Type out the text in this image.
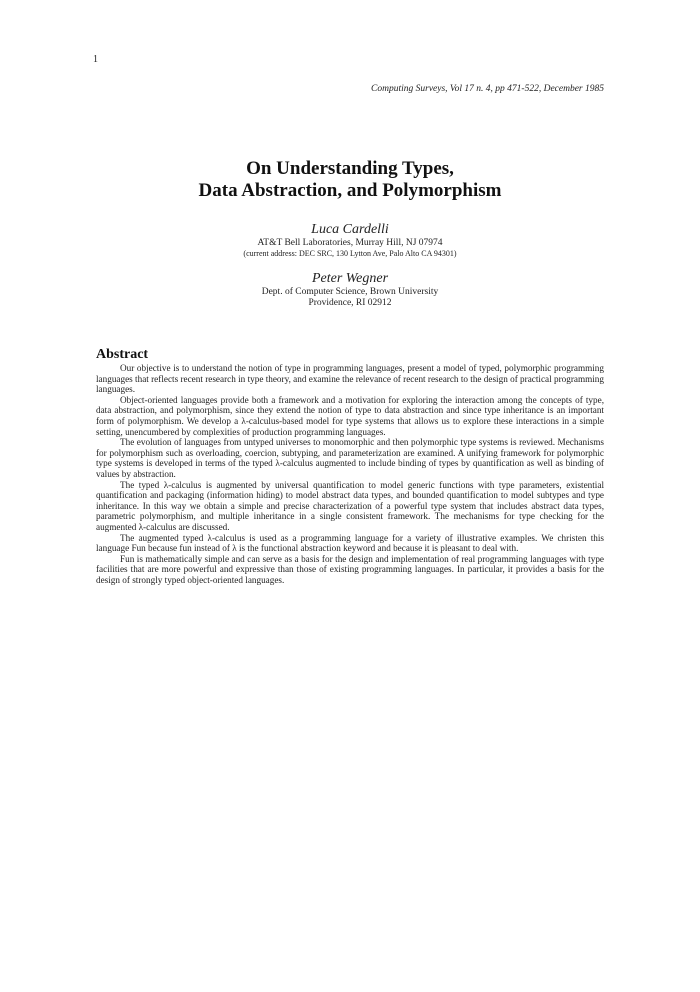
1
Computing Surveys, Vol 17 n. 4, pp 471-522, December 1985
On Understanding Types,
Data Abstraction, and Polymorphism
Luca Cardelli
AT&T Bell Laboratories, Murray Hill, NJ 07974
(current address: DEC SRC, 130 Lytton Ave, Palo Alto CA 94301)
Peter Wegner
Dept. of Computer Science, Brown University
Providence, RI 02912
Abstract

Our objective is to understand the notion of type in programming languages, present a model of typed, polymorphic programming languages that reflects recent research in type theory, and examine the relevance of recent research to the design of practical programming languages.

Object-oriented languages provide both a framework and a motivation for exploring the interaction among the concepts of type, data abstraction, and polymorphism, since they extend the notion of type to data abstraction and since type inheritance is an important form of polymorphism. We develop a λ-calculus-based model for type systems that allows us to explore these interactions in a simple setting, unencumbered by complexities of production programming languages.

The evolution of languages from untyped universes to monomorphic and then polymorphic type systems is reviewed. Mechanisms for polymorphism such as overloading, coercion, subtyping, and parameterization are examined. A unifying framework for polymorphic type systems is developed in terms of the typed λ-calculus augmented to include binding of types by quantification as well as binding of values by abstraction.

The typed λ-calculus is augmented by universal quantification to model generic functions with type parameters, existential quantification and packaging (information hiding) to model abstract data types, and bounded quantification to model subtypes and type inheritance. In this way we obtain a simple and precise characterization of a powerful type system that includes abstract data types, parametric polymorphism, and multiple inheritance in a single consistent framework. The mechanisms for type checking for the augmented λ-calculus are discussed.

The augmented typed λ-calculus is used as a programming language for a variety of illustrative examples. We christen this language Fun because fun instead of λ is the functional abstraction keyword and because it is pleasant to deal with.

Fun is mathematically simple and can serve as a basis for the design and implementation of real programming languages with type facilities that are more powerful and expressive than those of existing programming languages. In particular, it provides a basis for the design of strongly typed object-oriented languages.
